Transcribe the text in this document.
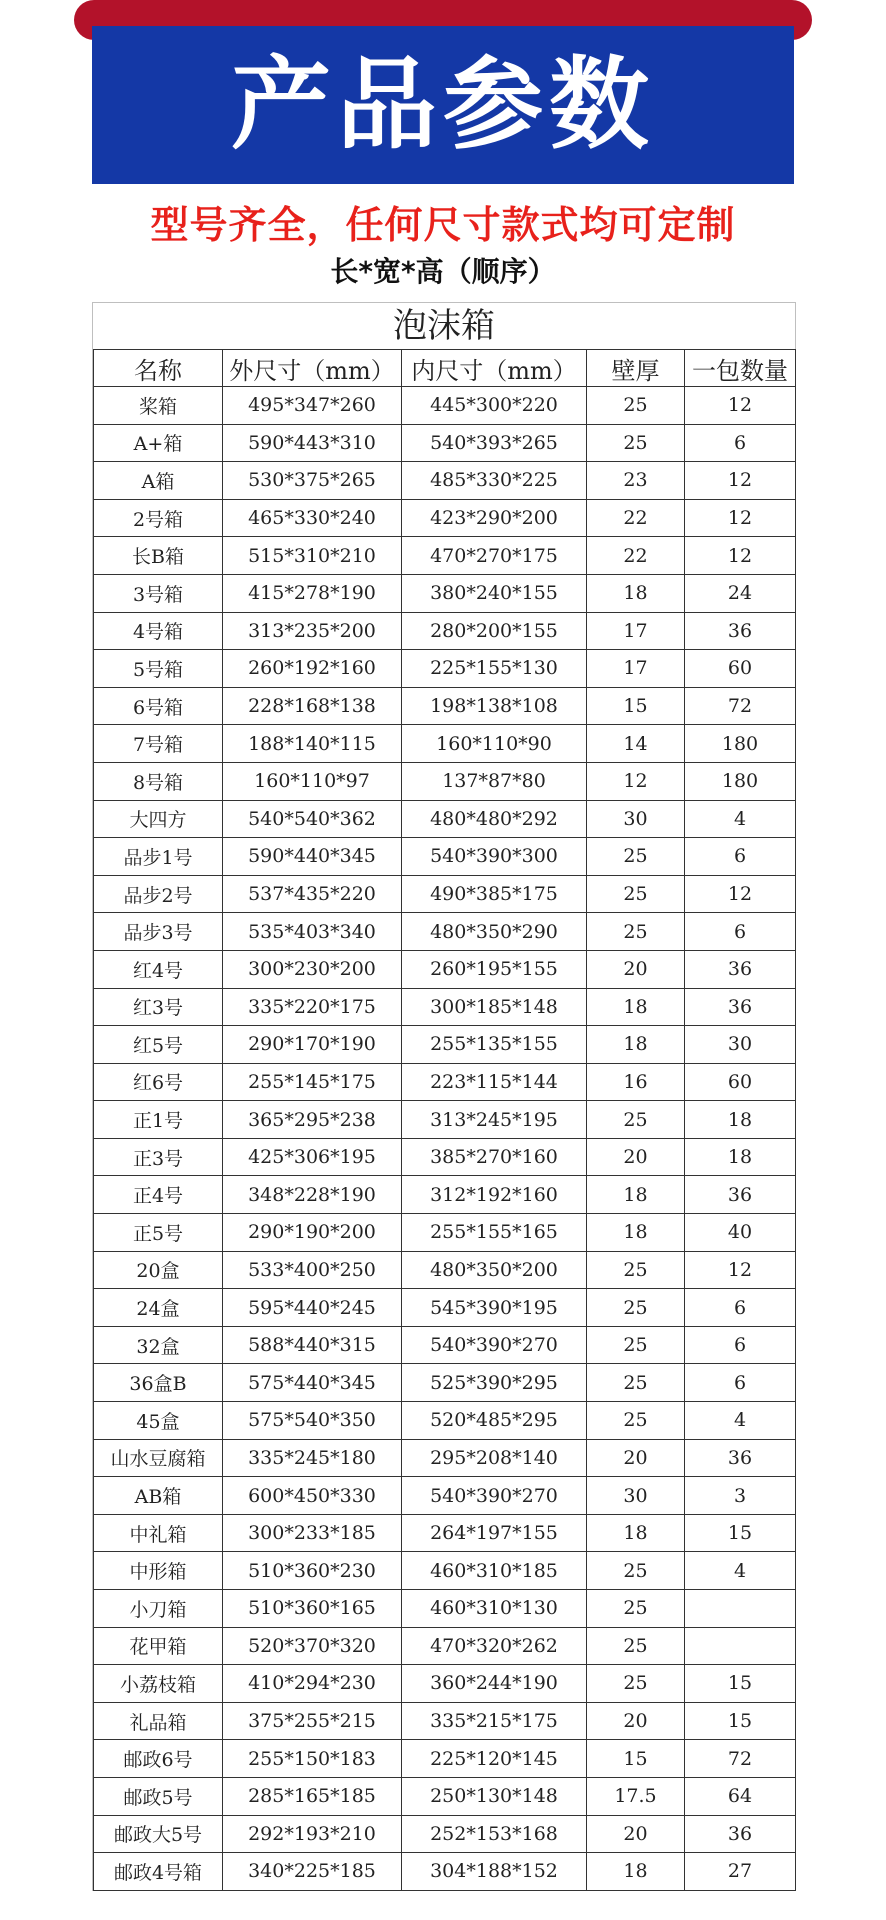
产品参数
型号齐全，任何尺寸款式均可定制
长*宽*高（顺序）
泡沫箱
名称	外尺寸（mm）	内尺寸（mm）	壁厚	一包数量
桨箱	495*347*260	445*300*220	25	12
A+箱	590*443*310	540*393*265	25	6
A箱	530*375*265	485*330*225	23	12
2号箱	465*330*240	423*290*200	22	12
长B箱	515*310*210	470*270*175	22	12
3号箱	415*278*190	380*240*155	18	24
4号箱	313*235*200	280*200*155	17	36
5号箱	260*192*160	225*155*130	17	60
6号箱	228*168*138	198*138*108	15	72
7号箱	188*140*115	160*110*90	14	180
8号箱	160*110*97	137*87*80	12	180
大四方	540*540*362	480*480*292	30	4
品步1号	590*440*345	540*390*300	25	6
品步2号	537*435*220	490*385*175	25	12
品步3号	535*403*340	480*350*290	25	6
红4号	300*230*200	260*195*155	20	36
红3号	335*220*175	300*185*148	18	36
红5号	290*170*190	255*135*155	18	30
红6号	255*145*175	223*115*144	16	60
正1号	365*295*238	313*245*195	25	18
正3号	425*306*195	385*270*160	20	18
正4号	348*228*190	312*192*160	18	36
正5号	290*190*200	255*155*165	18	40
20盒	533*400*250	480*350*200	25	12
24盒	595*440*245	545*390*195	25	6
32盒	588*440*315	540*390*270	25	6
36盒B	575*440*345	525*390*295	25	6
45盒	575*540*350	520*485*295	25	4
山水豆腐箱	335*245*180	295*208*140	20	36
AB箱	600*450*330	540*390*270	30	3
中礼箱	300*233*185	264*197*155	18	15
中形箱	510*360*230	460*310*185	25	4
小刀箱	510*360*165	460*310*130	25	
花甲箱	520*370*320	470*320*262	25	
小荔枝箱	410*294*230	360*244*190	25	15
礼品箱	375*255*215	335*215*175	20	15
邮政6号	255*150*183	225*120*145	15	72
邮政5号	285*165*185	250*130*148	17.5	64
邮政大5号	292*193*210	252*153*168	20	36
邮政4号箱	340*225*185	304*188*152	18	27
